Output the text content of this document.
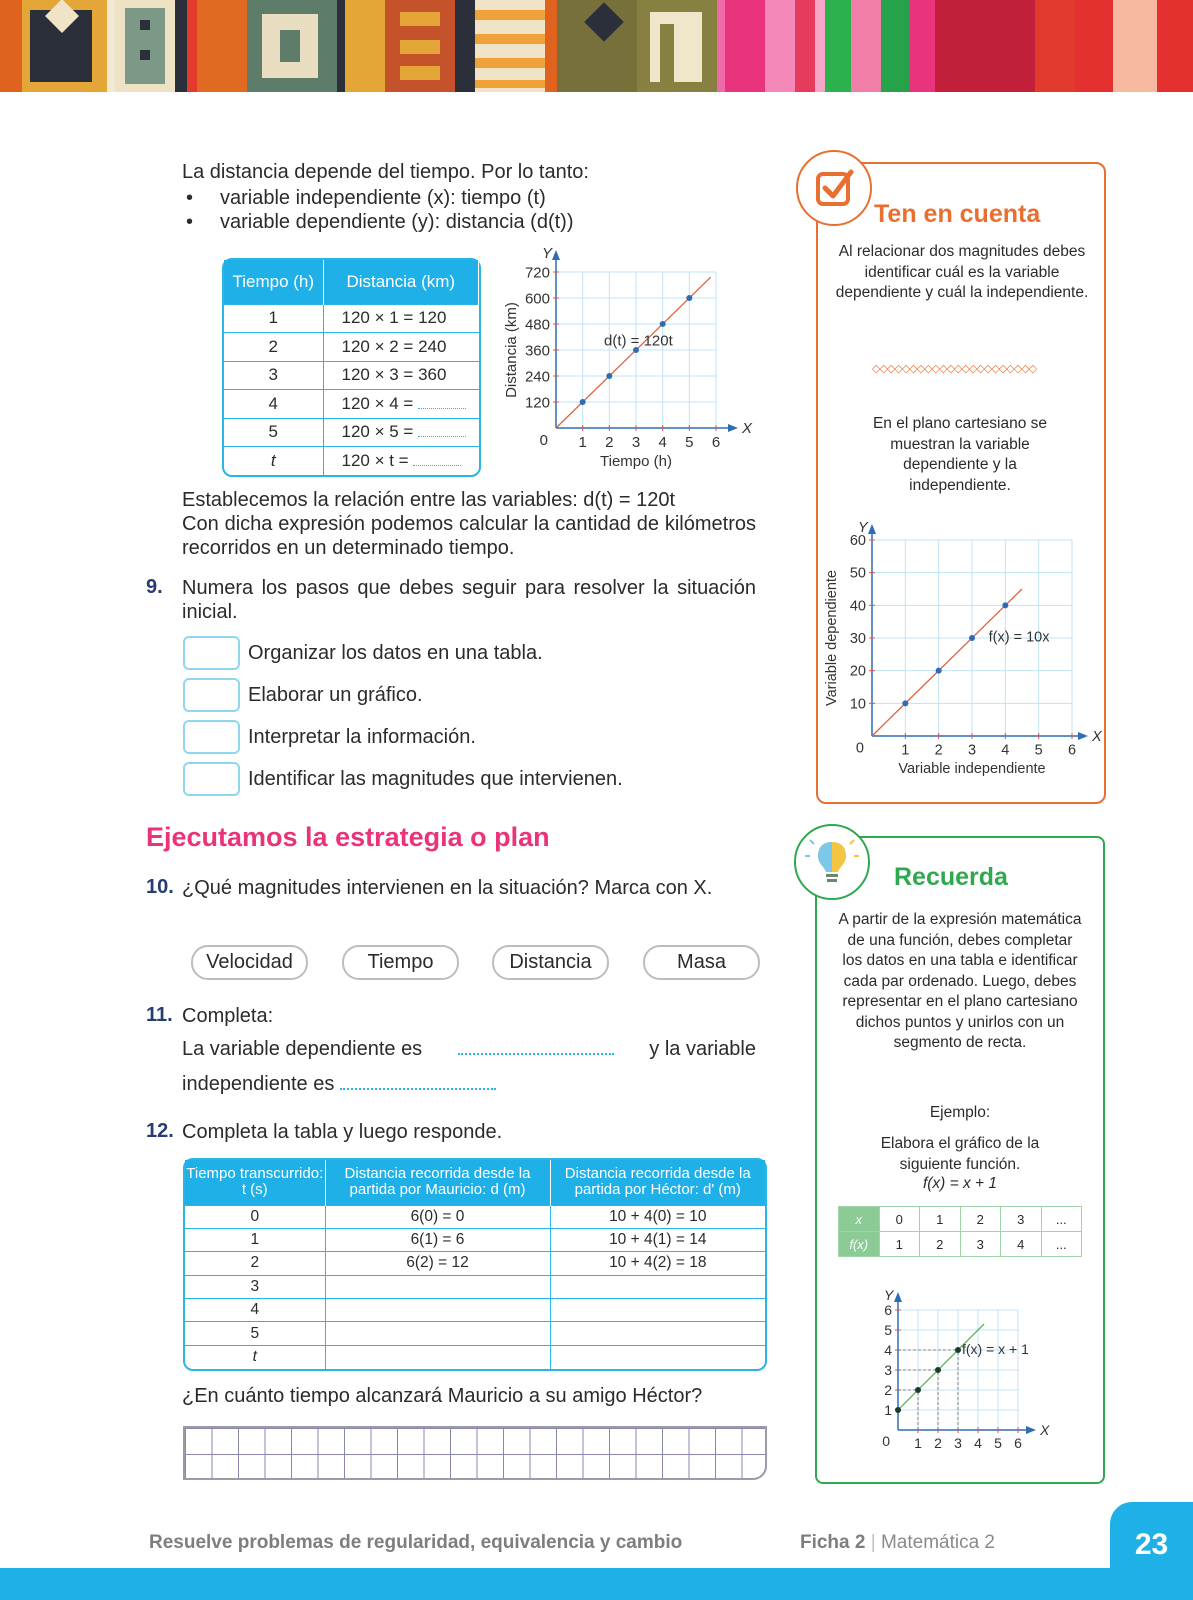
La distancia depende del tiempo. Por lo tanto:
• variable independiente (x): tiempo (t)
• variable dependiente (y): distancia (d(t))
Tiempo (h)	Distancia (km)
1	120 × 1 = 120
2	120 × 2 = 240
3	120 × 3 = 360
4	120 × 4 =
5	120 × 5 =
t	120 × t =
X
Y
1 2 3 4 5 6
120
240
360
480
600
720
0
Tiempo (h)
Distancia (km)	d(t) = 120t
Establecemos la relación entre las variables: d(t) = 120t
Con dicha expresión podemos calcular la cantidad de kilómetros recorridos en un determinado tiempo.
9. Numera los pasos que debes seguir para resolver la situación inicial.
Organizar los datos en una tabla.
Elaborar un gráfico.
Interpretar la información.
Identificar las magnitudes que intervienen.
Ejecutamos la estrategia o plan
10. ¿Qué magnitudes intervienen en la situación? Marca con X.
Velocidad	Tiempo	Distancia	Masa
11. Completa:
La variable dependiente es	y la variable
independiente es
12. Completa la tabla y luego responde.
Tiempo transcurrido: t (s)	Distancia recorrida desde la partida por Mauricio: d (m)	Distancia recorrida desde la partida por Héctor: d' (m)
0	6(0) = 0	10 + 4(0) = 10
1	6(1) = 6	10 + 4(1) = 14
2	6(2) = 12	10 + 4(2) = 18
3		
4		
5		
t		
¿En cuánto tiempo alcanzará Mauricio a su amigo Héctor?
Ten en cuenta
Al relacionar dos magnitudes debes identificar cuál es la variable dependiente y cuál la independiente.
◇◇◇◇◇◇◇◇◇◇◇◇◇◇◇◇◇◇◇◇◇◇
En el plano cartesiano se muestran la variable dependiente y la independiente.
X
Y
1 2 3 4 5 6
10
20
30
40
50
60
0
Variable independiente
Variable dependiente	f(x) = 10x
Recuerda
A partir de la expresión matemática de una función, debes completar los datos en una tabla e identificar cada par ordenado. Luego, debes representar en el plano cartesiano dichos puntos y unirlos con un segmento de recta.
Ejemplo:
Elabora el gráfico de la siguiente función.
f(x) = x + 1
x	0	1	2	3	...
f(x)	1	2	3	4	...
X
Y
1 2 3 4 5 6
1
2
3
4
5
6
0
f(x) = x + 1
Resuelve problemas de regularidad, equivalencia y cambio	Ficha 2 | Matemática 2	23
